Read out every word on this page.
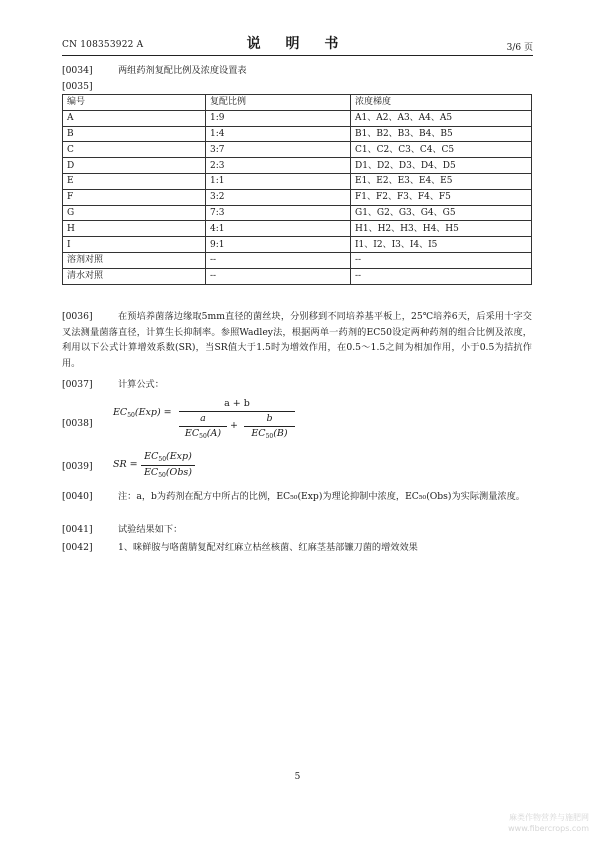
CN 108353922 A	说 明 书	3/6 页
[0034]	两组药剂复配比例及浓度设置表
[0035]
编号	复配比例	浓度梯度
A	1:9	A1、A2、A3、A4、A5
B	1:4	B1、B2、B3、B4、B5
C	3:7	C1、C2、C3、C4、C5
D	2:3	D1、D2、D3、D4、D5
E	1:1	E1、E2、E3、E4、E5
F	3:2	F1、F2、F3、F4、F5
G	7:3	G1、G2、G3、G4、G5
H	4:1	H1、H2、H3、H4、H5
I	9:1	I1、I2、I3、I4、I5
溶剂对照	--	--
清水对照	--	--
[0036]	在预培养菌落边缘取5mm直径的菌丝块，分别移到不同培养基平板上，25℃培养6天，后采用十字交叉法测量菌落直径，计算生长抑制率。参照Wadley法，根据两单一药剂的EC50设定两种药剂的组合比例及浓度，利用以下公式计算增效系数(SR)，当SR值大于1.5时为增效作用，在0.5～1.5之间为相加作用，小于0.5为拮抗作用。
[0037]	计算公式：
[0038]
$EC_{50}(Exp)$ =
a + b
a
$EC_{50}(A)$
+
b
$EC_{50}(B)$
[0039] SR =
$EC_{50}(Exp)$
$EC_{50}(Obs)$
[0040]	注：a，b为药剂在配方中所占的比例，EC₅₀(Exp)为理论抑制中浓度，EC₅₀(Obs)为实际测量浓度。
[0041]	试验结果如下：
[0042]	1、咪鲜胺与咯菌腈复配对红麻立枯丝核菌、红麻茎基部镰刀菌的增效效果
5
麻类作物营养与施肥网
www.fibercrops.com
